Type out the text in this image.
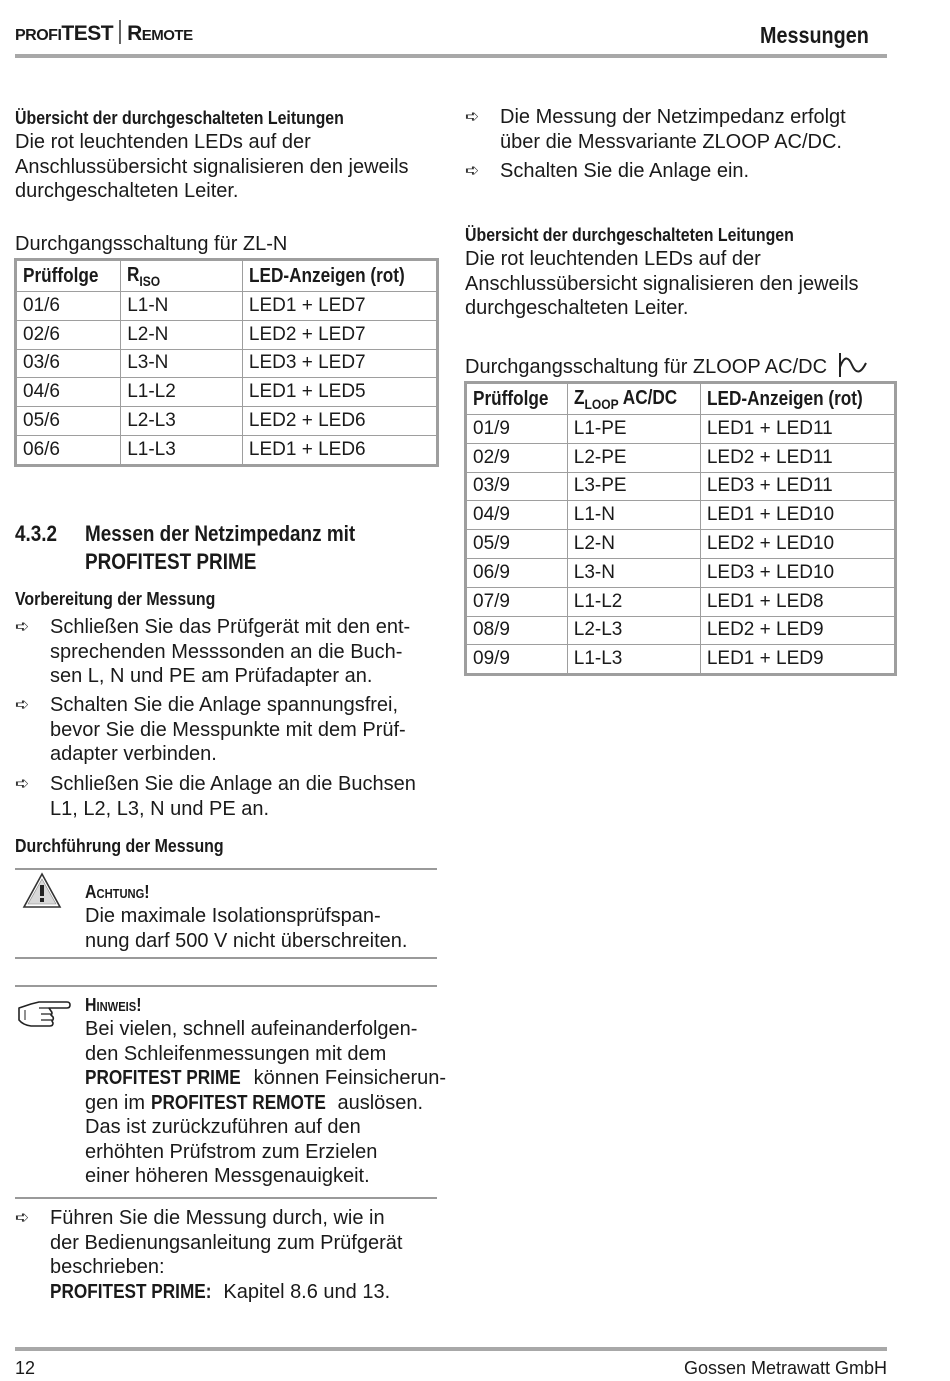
PROFITEST REMOTE	Messungen
Übersicht der durchgeschalteten Leitungen
Die rot leuchtenden LEDs auf der
Anschlussübersicht signalisieren den jeweils
durchgeschalteten Leiter.
Durchgangsschaltung für ZL-N
Prüffolge	$R_{ISO}$	LED-Anzeigen (rot)
01/6	L1-N	LED1 + LED7
02/6	L2-N	LED2 + LED7
03/6	L3-N	LED3 + LED7
04/6	L1-L2	LED1 + LED5
05/6	L2-L3	LED2 + LED6
06/6	L1-L3	LED1 + LED6
4.3.2	Messen der Netzimpedanz mit
PROFITEST PRIME
Vorbereitung der Messung
➪	Schließen Sie das Prüfgerät mit den ent-
sprechenden Messsonden an die Buch-
sen L, N und PE am Prüfadapter an.
➪	Schalten Sie die Anlage spannungsfrei,
bevor Sie die Messpunkte mit dem Prüf-
adapter verbinden.
➪	Schließen Sie die Anlage an die Buchsen
L1, L2, L3, N und PE an.
Durchführung der Messung
Achtung!
Die maximale Isolationsprüfspan-
nung darf 500 V nicht überschreiten.
Hinweis!
Bei vielen, schnell aufeinanderfolgen-
den Schleifenmessungen mit dem
PROFITEST PRIME können Feinsicherun-
gen im PROFITEST REMOTE auslösen.
Das ist zurückzuführen auf den
erhöhten Prüfstrom zum Erzielen
einer höheren Messgenauigkeit.
➪	Führen Sie die Messung durch, wie in
der Bedienungsanleitung zum Prüfgerät
beschrieben:
PROFITEST PRIME: Kapitel 8.6 und 13.
➪	Die Messung der Netzimpedanz erfolgt
über die Messvariante ZLOOP AC/DC.
➪	Schalten Sie die Anlage ein.
Übersicht der durchgeschalteten Leitungen
Die rot leuchtenden LEDs auf der
Anschlussübersicht signalisieren den jeweils
durchgeschalteten Leiter.
Durchgangsschaltung für ZLOOP AC/DC
Prüffolge	$Z_{LOOP}$ AC/DC	LED-Anzeigen (rot)
01/9	L1-PE	LED1 + LED11
02/9	L2-PE	LED2 + LED11
03/9	L3-PE	LED3 + LED11
04/9	L1-N	LED1 + LED10
05/9	L2-N	LED2 + LED10
06/9	L3-N	LED3 + LED10
07/9	L1-L2	LED1 + LED8
08/9	L2-L3	LED2 + LED9
09/9	L1-L3	LED1 + LED9
12	Gossen Metrawatt GmbH
